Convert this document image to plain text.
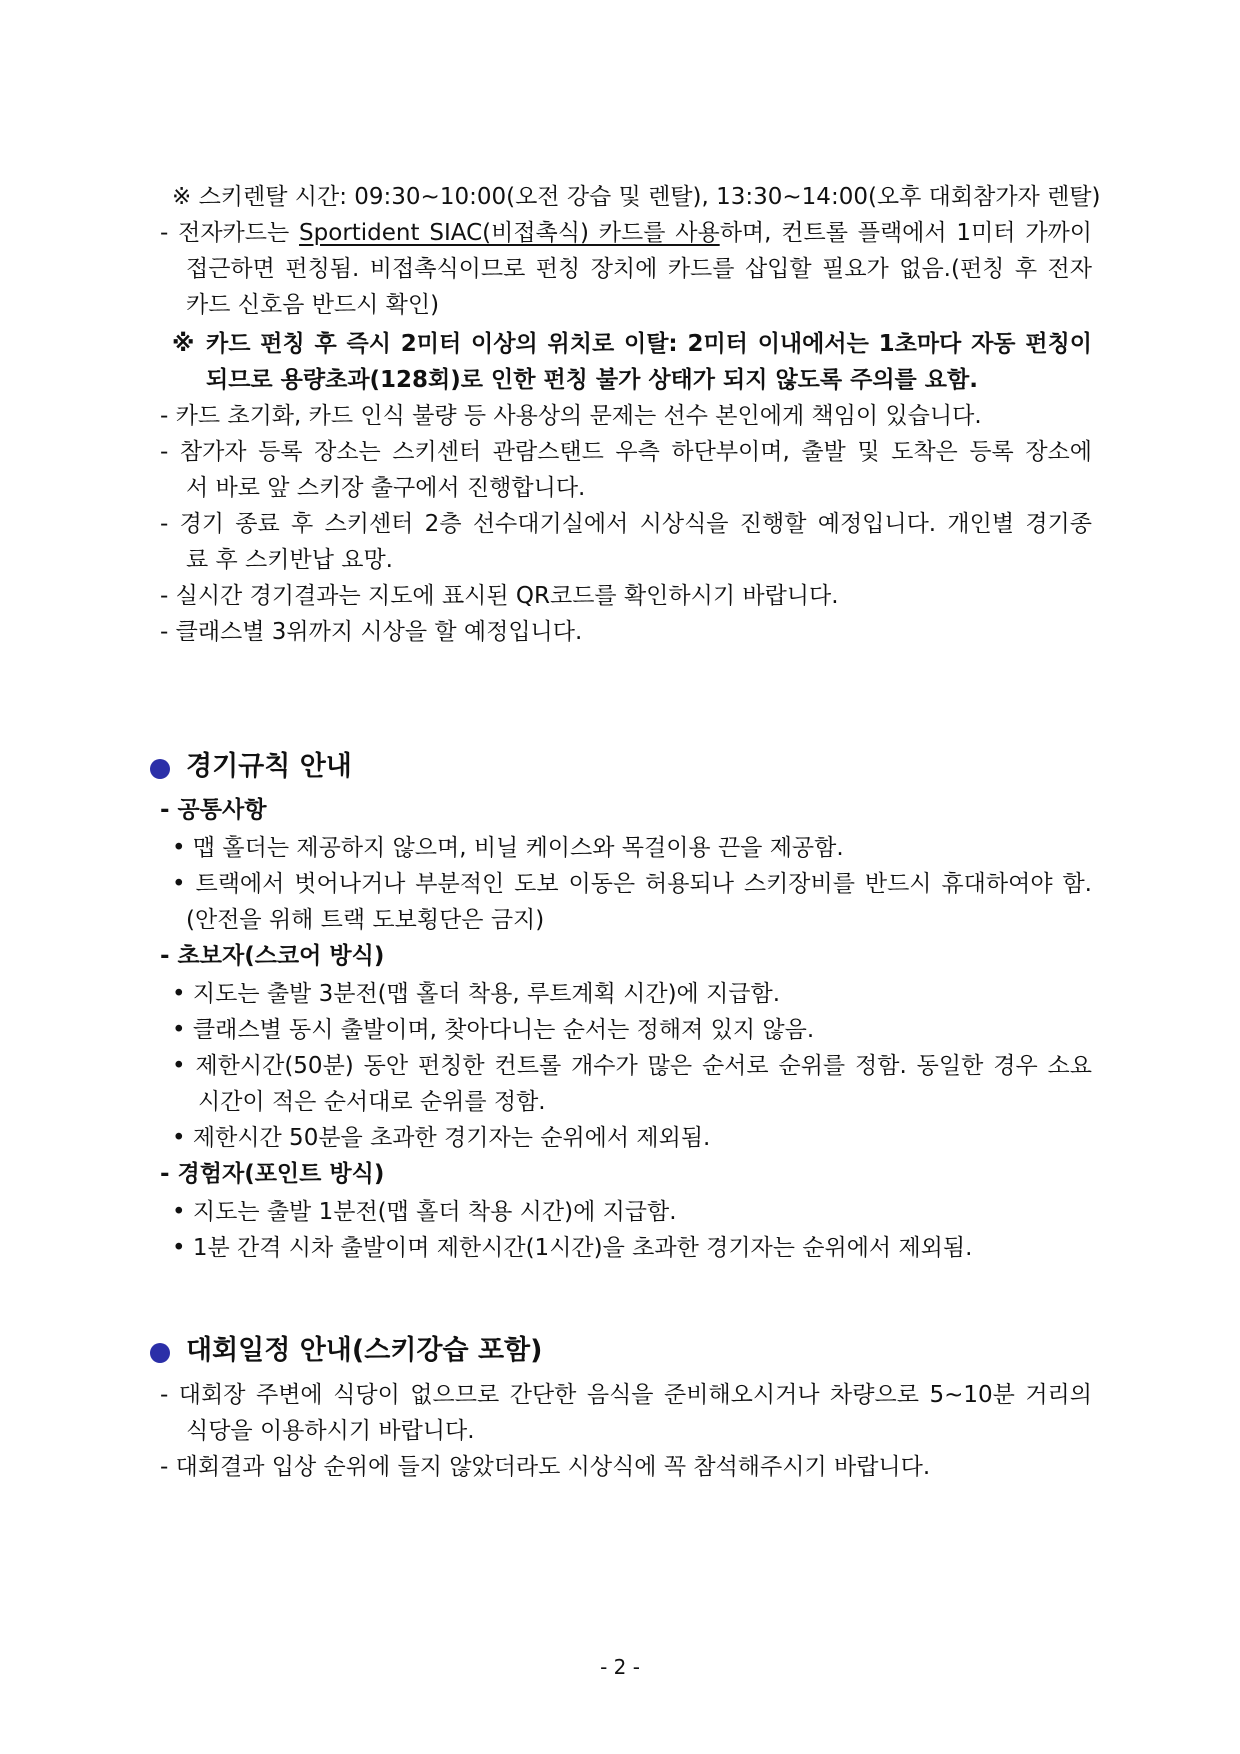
※ 스키렌탈 시간: 09:30~10:00(오전 강습 및 렌탈), 13:30~14:00(오후 대회참가자 렌탈)

- 전자카드는 Sportident SIAC(비접촉식) 카드를 사용하며, 컨트롤 플랙에서 1미터 가까이

접근하면 펀칭됨. 비접촉식이므로 펀칭 장치에 카드를 삽입할 필요가 없음.(펀칭 후 전자

카드 신호음 반드시 확인)

※ 카드 펀칭 후 즉시 2미터 이상의 위치로 이탈: 2미터 이내에서는 1초마다 자동 펀칭이

되므로 용량초과(128회)로 인한 펀칭 불가 상태가 되지 않도록 주의를 요함.

- 카드 초기화, 카드 인식 불량 등 사용상의 문제는 선수 본인에게 책임이 있습니다.

- 참가자 등록 장소는 스키센터 관람스탠드 우측 하단부이며, 출발 및 도착은 등록 장소에

서 바로 앞 스키장 출구에서 진행합니다.

- 경기 종료 후 스키센터 2층 선수대기실에서 시상식을 진행할 예정입니다. 개인별 경기종

료 후 스키반납 요망.

- 실시간 경기결과는 지도에 표시된 QR코드를 확인하시기 바랍니다.

- 클래스별 3위까지 시상을 할 예정입니다.

경기규칙 안내

- 공통사항

• 맵 홀더는 제공하지 않으며, 비닐 케이스와 목걸이용 끈을 제공함.

• 트랙에서 벗어나거나 부분적인 도보 이동은 허용되나 스키장비를 반드시 휴대하여야 함.

(안전을 위해 트랙 도보횡단은 금지)

- 초보자(스코어 방식)

• 지도는 출발 3분전(맵 홀더 착용, 루트계획 시간)에 지급함.

• 클래스별 동시 출발이며, 찾아다니는 순서는 정해져 있지 않음.

• 제한시간(50분) 동안 펀칭한 컨트롤 개수가 많은 순서로 순위를 정함. 동일한 경우 소요

시간이 적은 순서대로 순위를 정함.

• 제한시간 50분을 초과한 경기자는 순위에서 제외됨.

- 경험자(포인트 방식)

• 지도는 출발 1분전(맵 홀더 착용 시간)에 지급함.

• 1분 간격 시차 출발이며 제한시간(1시간)을 초과한 경기자는 순위에서 제외됨.

대회일정 안내(스키강습 포함)

- 대회장 주변에 식당이 없으므로 간단한 음식을 준비해오시거나 차량으로 5~10분 거리의

식당을 이용하시기 바랍니다.

- 대회결과 입상 순위에 들지 않았더라도 시상식에 꼭 참석해주시기 바랍니다.

- 2 -
